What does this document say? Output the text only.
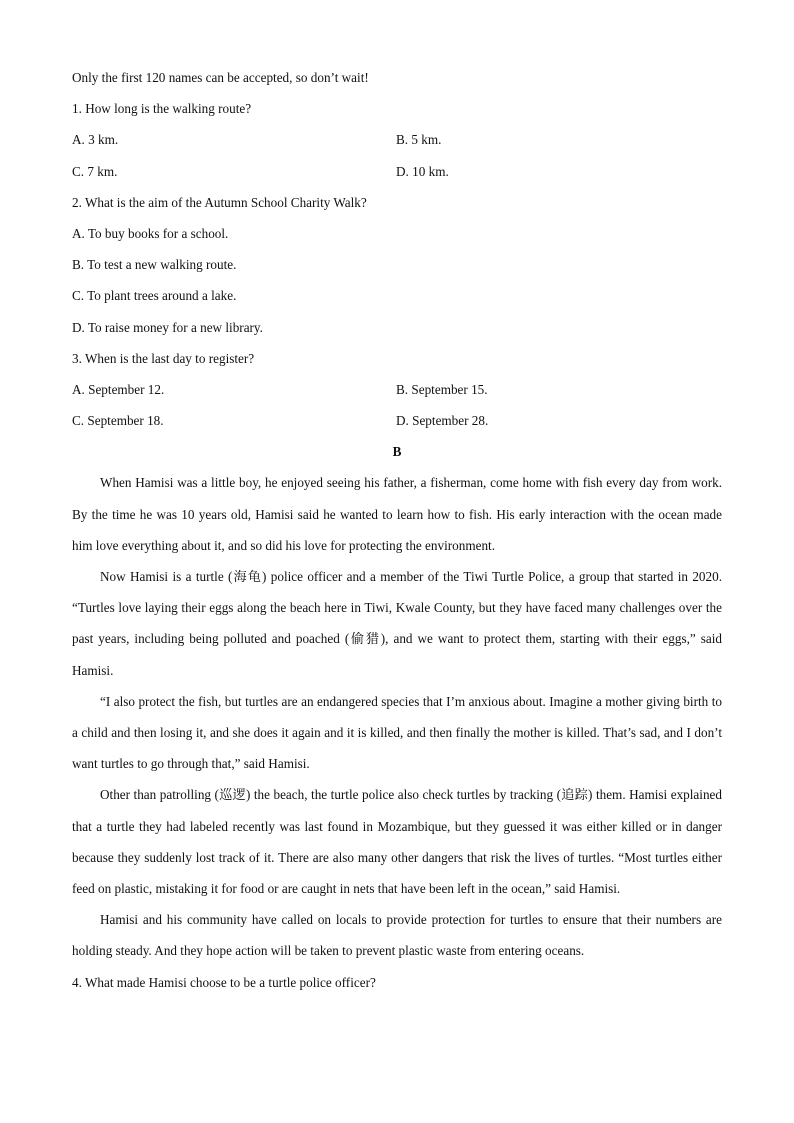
Only the first 120 names can be accepted, so don’t wait!
1. How long is the walking route?
A. 3 km.	B. 5 km.
C. 7 km.	D. 10 km.
2. What is the aim of the Autumn School Charity Walk?
A. To buy books for a school.
B. To test a new walking route.
C. To plant trees around a lake.
D. To raise money for a new library.
3. When is the last day to register?
A. September 12.	B. September 15.
C. September 18.	D. September 28.
B

When Hamisi was a little boy, he enjoyed seeing his father, a fisherman, come home with fish every day from work. By the time he was 10 years old, Hamisi said he wanted to learn how to fish. His early interaction with the ocean made him love everything about it, and so did his love for protecting the environment.

Now Hamisi is a turtle (海龟) police officer and a member of the Tiwi Turtle Police, a group that started in 2020. “Turtles love laying their eggs along the beach here in Tiwi, Kwale County, but they have faced many challenges over the past years, including being polluted and poached (偷猎), and we want to protect them, starting with their eggs,” said Hamisi.

“I also protect the fish, but turtles are an endangered species that I’m anxious about. Imagine a mother giving birth to a child and then losing it, and she does it again and it is killed, and then finally the mother is killed. That’s sad, and I don’t want turtles to go through that,” said Hamisi.

Other than patrolling (巡逻) the beach, the turtle police also check turtles by tracking (追踪) them. Hamisi explained that a turtle they had labeled recently was last found in Mozambique, but they guessed it was either killed or in danger because they suddenly lost track of it. There are also many other dangers that risk the lives of turtles. “Most turtles either feed on plastic, mistaking it for food or are caught in nets that have been left in the ocean,” said Hamisi.

Hamisi and his community have called on locals to provide protection for turtles to ensure that their numbers are holding steady. And they hope action will be taken to prevent plastic waste from entering oceans.

4. What made Hamisi choose to be a turtle police officer?
